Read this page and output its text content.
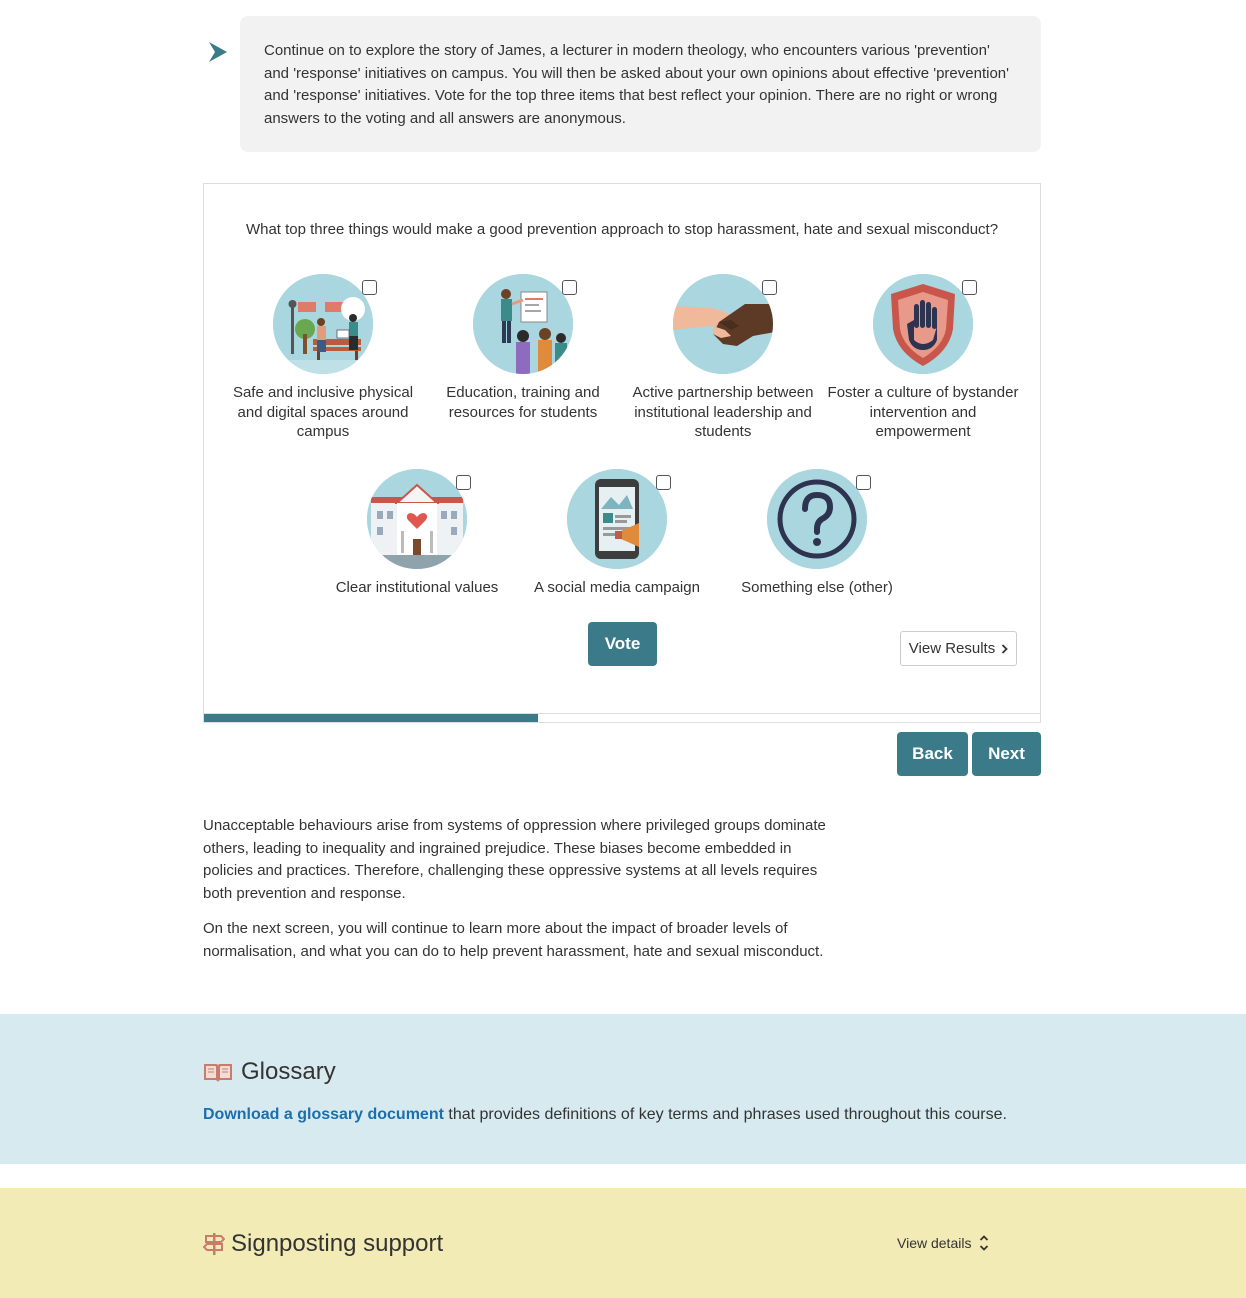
Continue on to explore the story of James, a lecturer in modern theology, who encounters various 'prevention' and 'response' initiatives on campus. You will then be asked about your own opinions about effective 'prevention' and 'response' initiatives. Vote for the top three items that best reflect your opinion. There are no right or wrong answers to the voting and all answers are anonymous.
What top three things would make a good prevention approach to stop harassment, hate and sexual misconduct?
Safe and inclusive physical and digital spaces around campus
Education, training and resources for students
Active partnership between institutional leadership and students
Foster a culture of bystander intervention and empowerment
Clear institutional values	A social media campaign	Something else (other)
Vote	View Results
Back	Next

Unacceptable behaviours arise from systems of oppression where privileged groups dominate others, leading to inequality and ingrained prejudice. These biases become embedded in policies and practices. Therefore, challenging these oppressive systems at all levels requires both prevention and response.

On the next screen, you will continue to learn more about the impact of broader levels of normalisation, and what you can do to help prevent harassment, hate and sexual misconduct.

Glossary
Download a glossary document that provides definitions of key terms and phrases used throughout this course.
Signposting support	View details
